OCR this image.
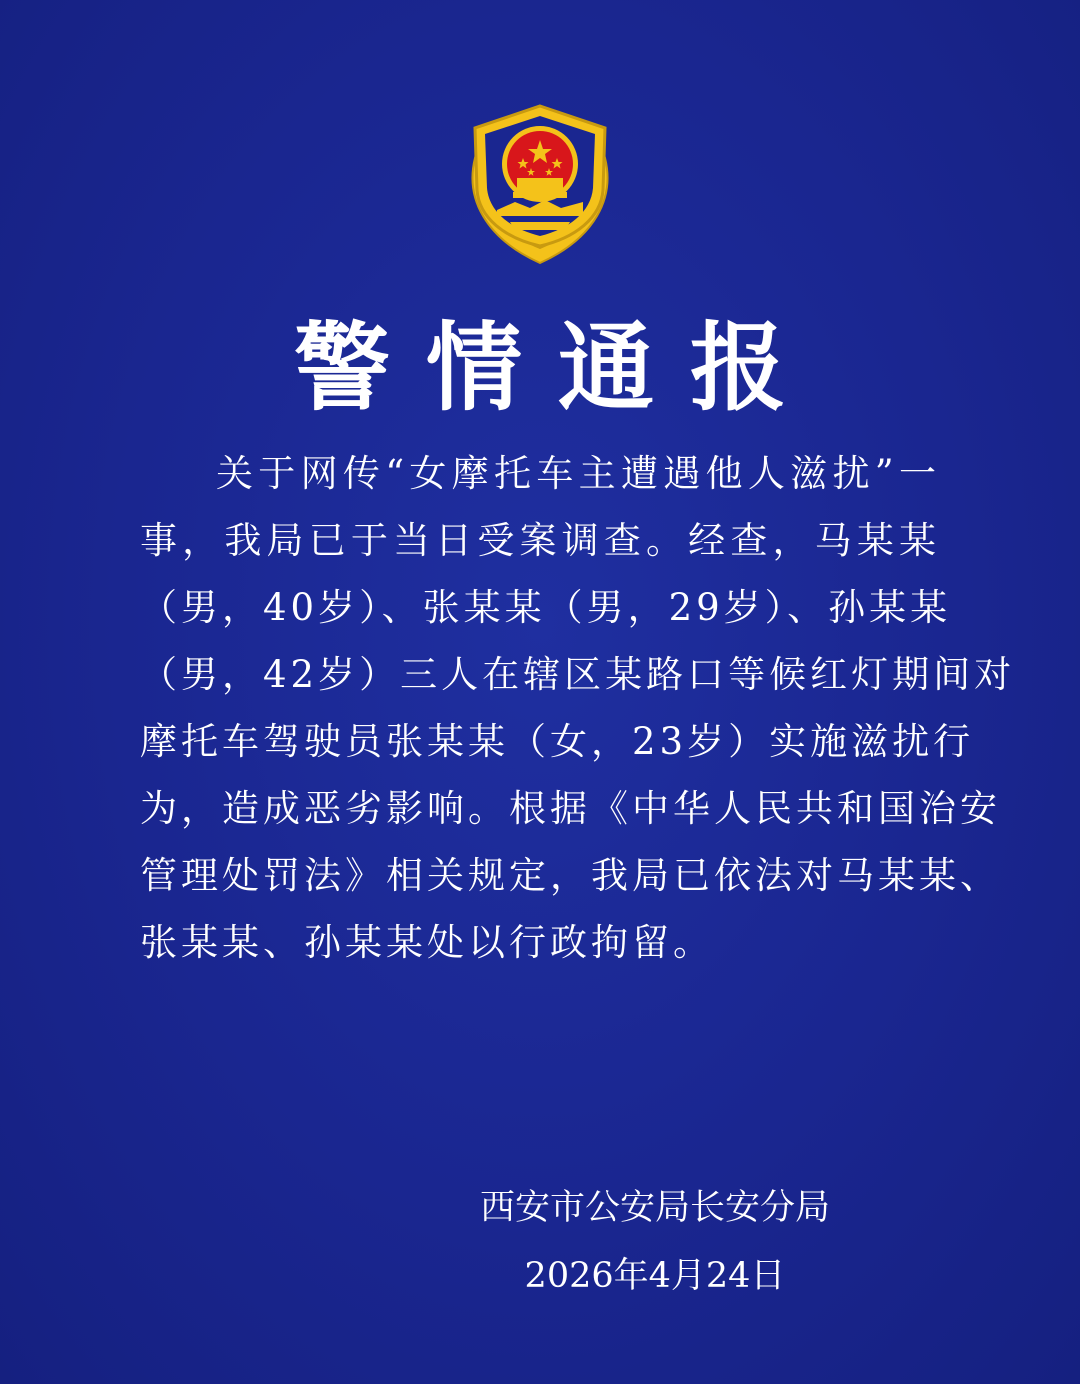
警情通报
关于网传“女摩托车主遭遇他人滋扰”一
事，我局已于当日受案调查。经查，马某某
（男，40岁）、张某某（男，29岁）、孙某某
（男，42岁）三人在辖区某路口等候红灯期间对
摩托车驾驶员张某某（女，23岁）实施滋扰行
为，造成恶劣影响。根据《中华人民共和国治安
管理处罚法》相关规定，我局已依法对马某某、
张某某、孙某某处以行政拘留。
西安市公安局长安分局
2026年4月24日
